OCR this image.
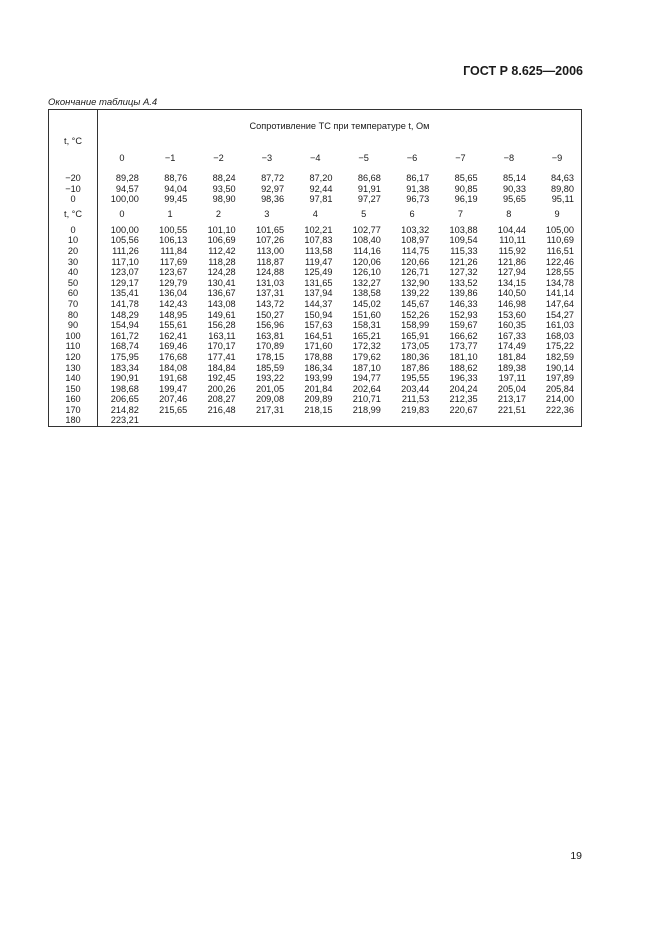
ГОСТ Р 8.625—2006
Окончание таблицы А.4
t, °C	Сопротивление ТС при температуре t, Ом									
	0	−1	−2	−3	−4	−5	−6	−7	−8	−9
−20	89,28	88,76	88,24	87,72	87,20	86,68	86,17	85,65	85,14	84,63
−10	94,57	94,04	93,50	92,97	92,44	91,91	91,38	90,85	90,33	89,80
0	100,00	99,45	98,90	98,36	97,81	97,27	96,73	96,19	95,65	95,11
t, °C	0	1	2	3	4	5	6	7	8	9
0	100,00	100,55	101,10	101,65	102,21	102,77	103,32	103,88	104,44	105,00
10	105,56	106,13	106,69	107,26	107,83	108,40	108,97	109,54	110,11	110,69
20	111,26	111,84	112,42	113,00	113,58	114,16	114,75	115,33	115,92	116,51
30	117,10	117,69	118,28	118,87	119,47	120,06	120,66	121,26	121,86	122,46
40	123,07	123,67	124,28	124,88	125,49	126,10	126,71	127,32	127,94	128,55
50	129,17	129,79	130,41	131,03	131,65	132,27	132,90	133,52	134,15	134,78
60	135,41	136,04	136,67	137,31	137,94	138,58	139,22	139,86	140,50	141,14
70	141,78	142,43	143,08	143,72	144,37	145,02	145,67	146,33	146,98	147,64
80	148,29	148,95	149,61	150,27	150,94	151,60	152,26	152,93	153,60	154,27
90	154,94	155,61	156,28	156,96	157,63	158,31	158,99	159,67	160,35	161,03
100	161,72	162,41	163,11	163,81	164,51	165,21	165,91	166,62	167,33	168,03
110	168,74	169,46	170,17	170,89	171,60	172,32	173,05	173,77	174,49	175,22
120	175,95	176,68	177,41	178,15	178,88	179,62	180,36	181,10	181,84	182,59
130	183,34	184,08	184,84	185,59	186,34	187,10	187,86	188,62	189,38	190,14
140	190,91	191,68	192,45	193,22	193,99	194,77	195,55	196,33	197,11	197,89
150	198,68	199,47	200,26	201,05	201,84	202,64	203,44	204,24	205,04	205,84
160	206,65	207,46	208,27	209,08	209,89	210,71	211,53	212,35	213,17	214,00
170	214,82	215,65	216,48	217,31	218,15	218,99	219,83	220,67	221,51	222,36
180	223,21									
19
